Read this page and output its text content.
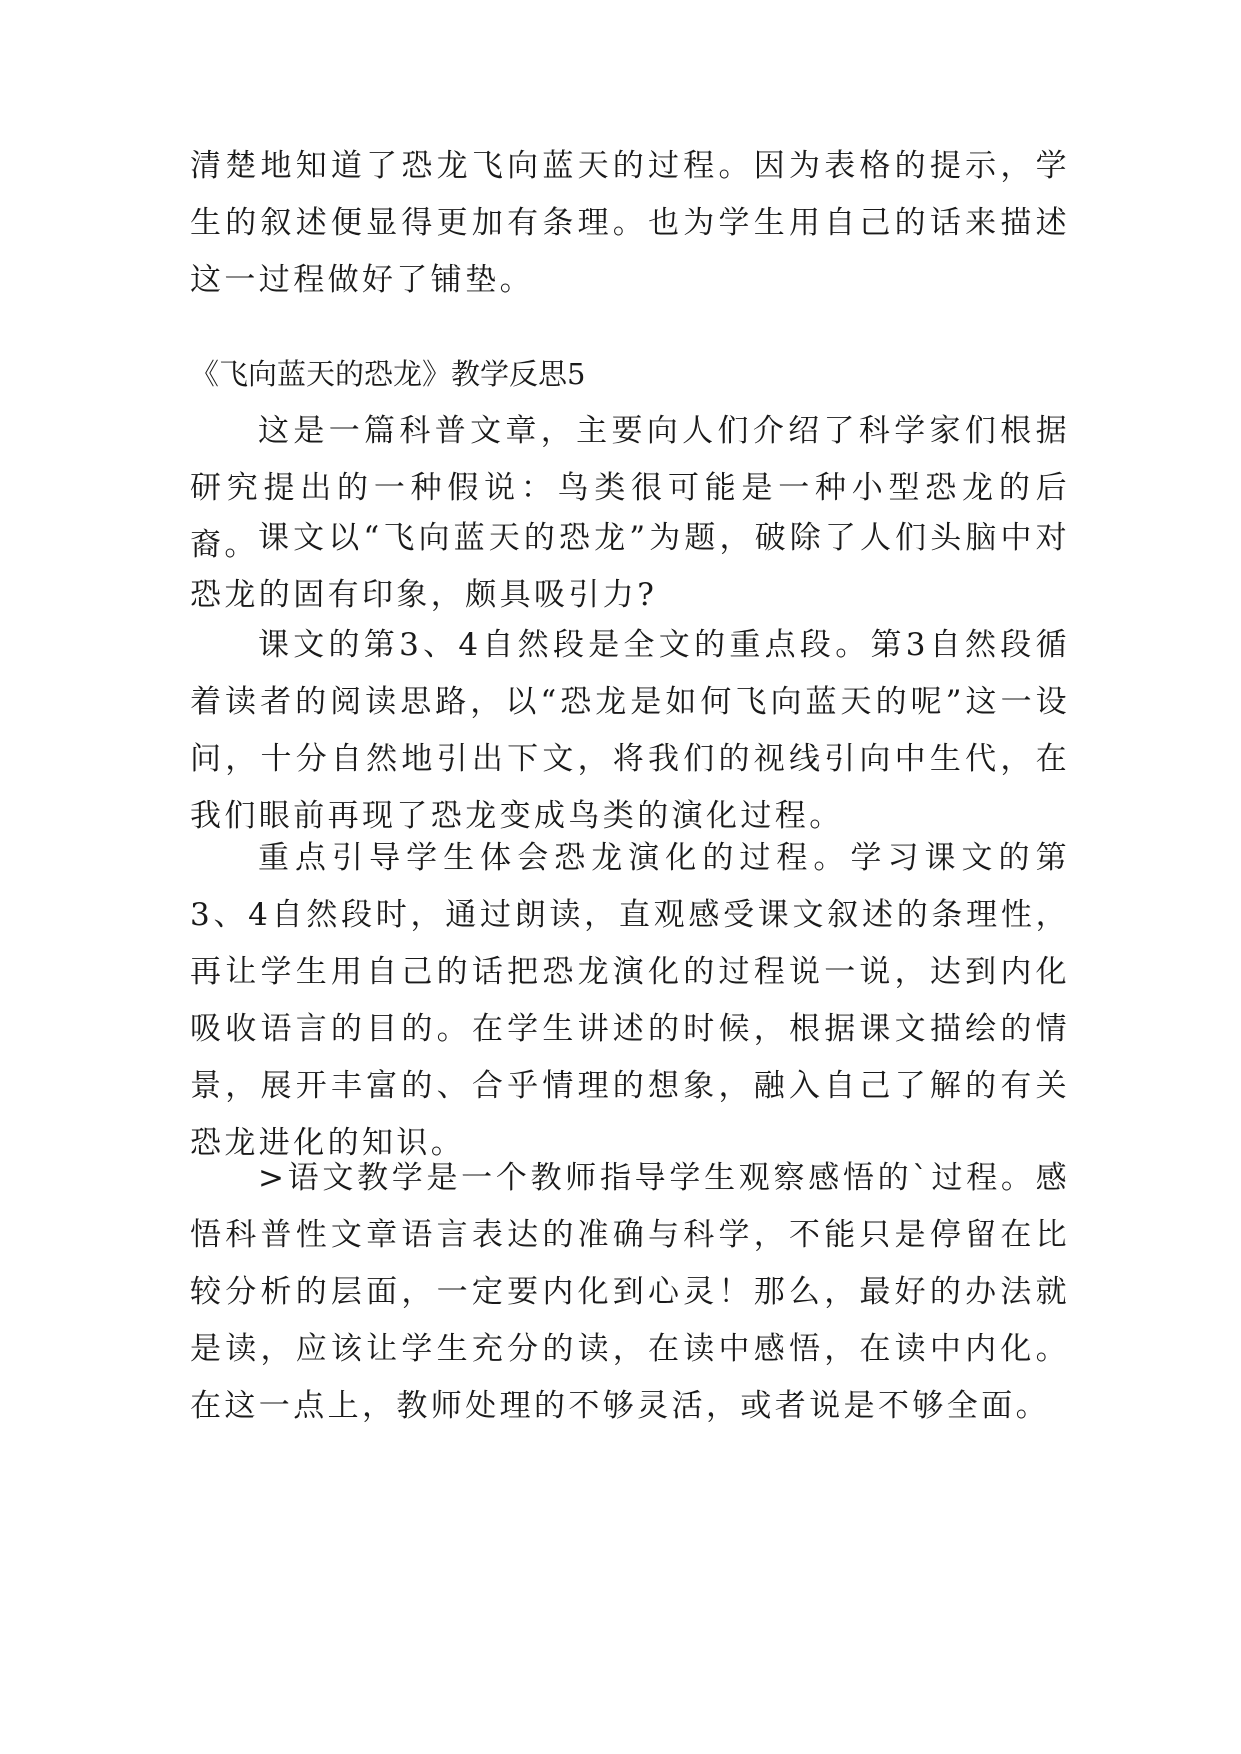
清楚地知道了恐龙飞向蓝天的过程。因为表格的提示，学生的叙述便显得更加有条理。也为学生用自己的话来描述这一过程做好了铺垫。

《飞向蓝天的恐龙》教学反思5

这是一篇科普文章，主要向人们介绍了科学家们根据研究提出的一种假说：鸟类很可能是一种小型恐龙的后裔。 课文以“飞向蓝天的恐龙”为题，破除了人们头脑中对恐龙的固有印象，颇具吸引力?

课文的第3、4自然段是全文的重点段。第3自然段循着读者的阅读思路，以“恐龙是如何飞向蓝天的呢”这一设问，十分自然地引出下文，将我们的视线引向中生代，在我们眼前再现了恐龙变成鸟类的演化过程。

重点引导学生体会恐龙演化的过程。学习课文的第3、4自然段时，通过朗读，直观感受课文叙述的条理性，再让学生用自己的话把恐龙演化的过程说一说，达到内化吸收语言的目的。在学生讲述的时候，根据课文描绘的情景，展开丰富的、合乎情理的想象，融入自己了解的有关恐龙进化的知识。

>语文教学是一个教师指导学生观察感悟的`过程。感悟科普性文章语言表达的准确与科学，不能只是停留在比较分析的层面，一定要内化到心灵！那么，最好的办法就是读，应该让学生充分的读，在读中感悟，在读中内化。在这一点上，教师处理的不够灵活，或者说是不够全面。
